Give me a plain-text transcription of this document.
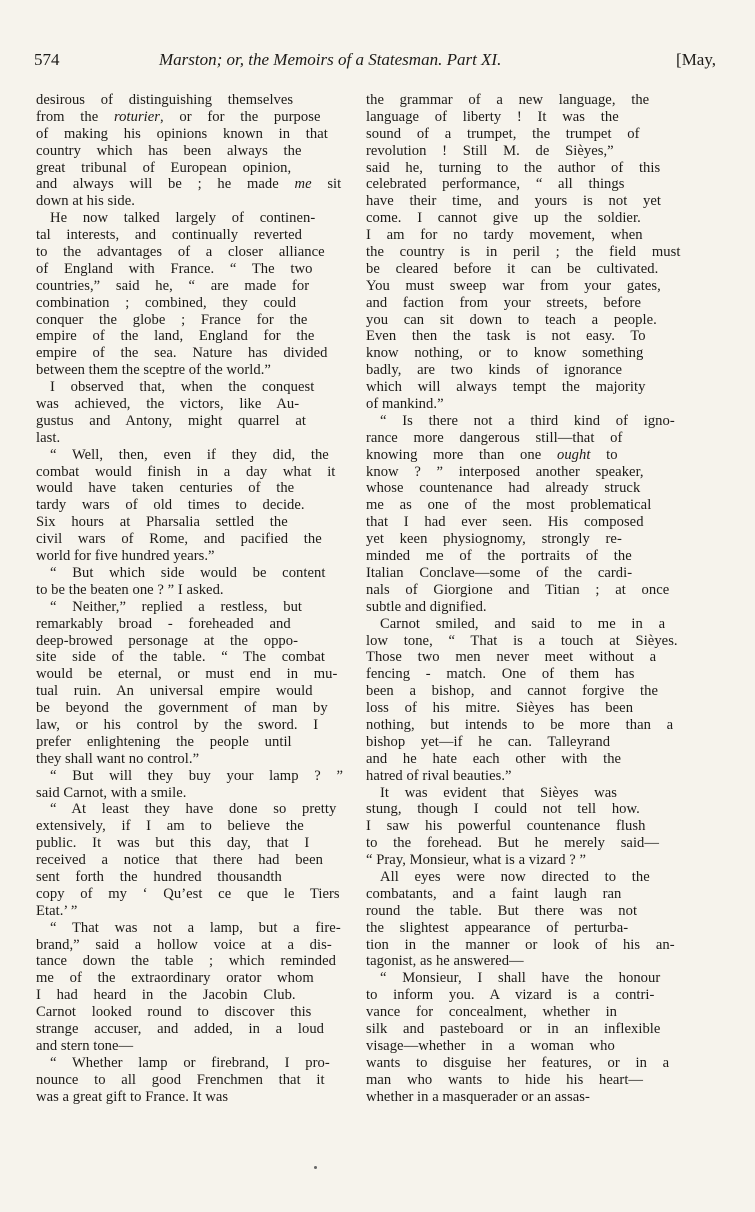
574	Marston; or, the Memoirs of a Statesman. Part XI.	[May,
desirous of distinguishing themselves
from the roturier, or for the purpose
of making his opinions known in that
country which has been always the
great tribunal of European opinion,
and always will be ; he made me sit
down at his side.
He now talked largely of continen-
tal interests, and continually reverted
to the advantages of a closer alliance
of England with France. “ The two
countries,” said he, “ are made for
combination ; combined, they could
conquer the globe ; France for the
empire of the land, England for the
empire of the sea. Nature has divided
between them the sceptre of the world.”
I observed that, when the conquest
was achieved, the victors, like Au-
gustus and Antony, might quarrel at
last.
“ Well, then, even if they did, the
combat would finish in a day what it
would have taken centuries of the
tardy wars of old times to decide.
Six hours at Pharsalia settled the
civil wars of Rome, and pacified the
world for five hundred years.”
“ But which side would be content
to be the beaten one ? ” I asked.
“ Neither,” replied a restless, but
remarkably broad - foreheaded and
deep-browed personage at the oppo-
site side of the table. “ The combat
would be eternal, or must end in mu-
tual ruin. An universal empire would
be beyond the government of man by
law, or his control by the sword. I
prefer enlightening the people until
they shall want no control.”
“ But will they buy your lamp ? ”
said Carnot, with a smile.
“ At least they have done so pretty
extensively, if I am to believe the
public. It was but this day, that I
received a notice that there had been
sent forth the hundred thousandth
copy of my ‘ Qu’est ce que le Tiers
Etat.’ ”
“ That was not a lamp, but a fire-
brand,” said a hollow voice at a dis-
tance down the table ; which reminded
me of the extraordinary orator whom
I had heard in the Jacobin Club.
Carnot looked round to discover this
strange accuser, and added, in a loud
and stern tone—
“ Whether lamp or firebrand, I pro-
nounce to all good Frenchmen that it
was a great gift to France. It was
the grammar of a new language, the
language of liberty ! It was the
sound of a trumpet, the trumpet of
revolution ! Still M. de Sièyes,”
said he, turning to the author of this
celebrated performance, “ all things
have their time, and yours is not yet
come. I cannot give up the soldier.
I am for no tardy movement, when
the country is in peril ; the field must
be cleared before it can be cultivated.
You must sweep war from your gates,
and faction from your streets, before
you can sit down to teach a people.
Even then the task is not easy. To
know nothing, or to know something
badly, are two kinds of ignorance
which will always tempt the majority
of mankind.”
“ Is there not a third kind of igno-
rance more dangerous still—that of
knowing more than one ought to
know ? ” interposed another speaker,
whose countenance had already struck
me as one of the most problematical
that I had ever seen. His composed
yet keen physiognomy, strongly re-
minded me of the portraits of the
Italian Conclave—some of the cardi-
nals of Giorgione and Titian ; at once
subtle and dignified.
Carnot smiled, and said to me in a
low tone, “ That is a touch at Sièyes.
Those two men never meet without a
fencing - match. One of them has
been a bishop, and cannot forgive the
loss of his mitre. Sièyes has been
nothing, but intends to be more than a
bishop yet—if he can. Talleyrand
and he hate each other with the
hatred of rival beauties.”
It was evident that Sièyes was
stung, though I could not tell how.
I saw his powerful countenance flush
to the forehead. But he merely said—
“ Pray, Monsieur, what is a vizard ? ”
All eyes were now directed to the
combatants, and a faint laugh ran
round the table. But there was not
the slightest appearance of perturba-
tion in the manner or look of his an-
tagonist, as he answered—
“ Monsieur, I shall have the honour
to inform you. A vizard is a contri-
vance for concealment, whether in
silk and pasteboard or in an inflexible
visage—whether in a woman who
wants to disguise her features, or in a
man who wants to hide his heart—
whether in a masquerader or an assas-
